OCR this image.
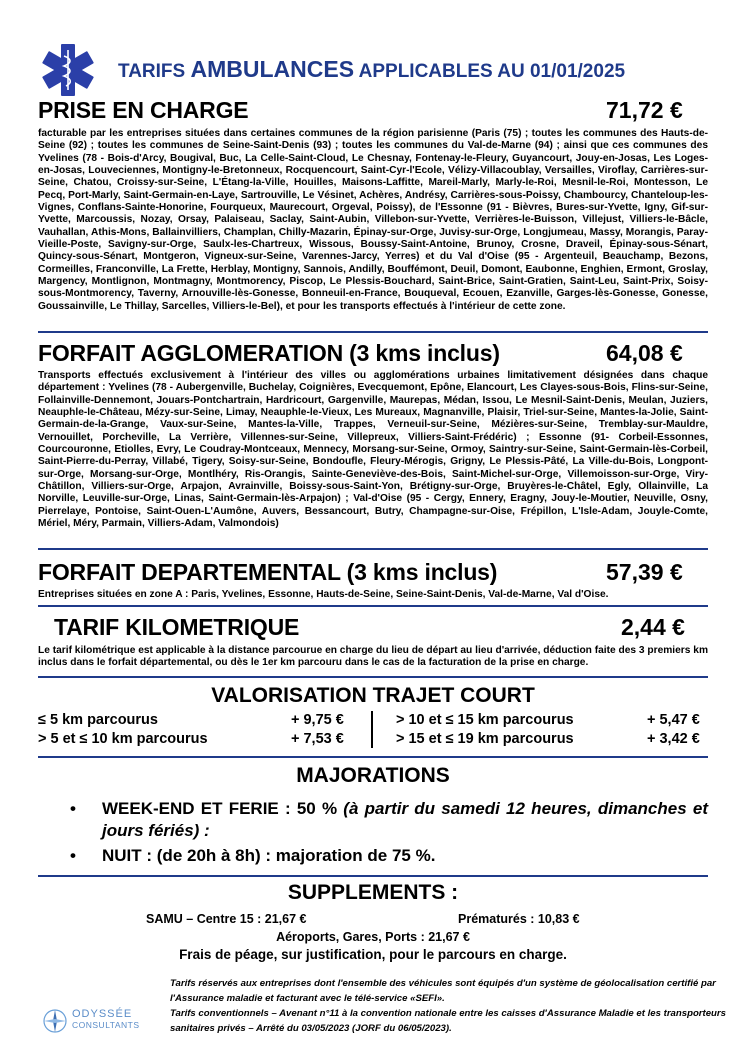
TARIFS AMBULANCES APPLICABLES AU 01/01/2025
PRISE EN CHARGE	71,72 €
facturable par les entreprises situées dans certaines communes de la région parisienne (Paris (75) ; toutes les communes des Hauts-de-Seine (92) ; toutes les communes de Seine-Saint-Denis (93) ; toutes les communes du Val-de-Marne (94) ; ainsi que ces communes des Yvelines (78 - Bois-d'Arcy, Bougival, Buc, La Celle-Saint-Cloud, Le Chesnay, Fontenay-le-Fleury, Guyancourt, Jouy-en-Josas, Les Loges-en-Josas, Louveciennes, Montigny-le-Bretonneux, Rocquencourt, Saint-Cyr-l'Ecole, Vélizy-Villacoublay, Versailles, Viroflay, Carrières-sur-Seine, Chatou, Croissy-sur-Seine, L'Étang-la-Ville, Houilles, Maisons-Laffitte, Mareil-Marly, Marly-le-Roi, Mesnil-le-Roi, Montesson, Le Pecq, Port-Marly, Saint-Germain-en-Laye, Sartrouville, Le Vésinet, Achères, Andrésy, Carrières-sous-Poissy, Chambourcy, Chanteloup-les-Vignes, Conflans-Sainte-Honorine, Fourqueux, Maurecourt, Orgeval, Poissy), de l'Essonne (91 - Bièvres, Bures-sur-Yvette, Igny, Gif-sur-Yvette, Marcoussis, Nozay, Orsay, Palaiseau, Saclay, Saint-Aubin, Villebon-sur-Yvette, Verrières-le-Buisson, Villejust, Villiers-le-Bâcle, Vauhallan, Athis-Mons, Ballainvilliers, Champlan, Chilly-Mazarin, Épinay-sur-Orge, Juvisy-sur-Orge, Longjumeau, Massy, Morangis, Paray-Vieille-Poste, Savigny-sur-Orge, Saulx-les-Chartreux, Wissous, Boussy-Saint-Antoine, Brunoy, Crosne, Draveil, Épinay-sous-Sénart, Quincy-sous-Sénart, Montgeron, Vigneux-sur-Seine, Varennes-Jarcy, Yerres) et du Val d'Oise (95 - Argenteuil, Beauchamp, Bezons, Cormeilles, Franconville, La Frette, Herblay, Montigny, Sannois, Andilly, Bouffémont, Deuil, Domont, Eaubonne, Enghien, Ermont, Groslay, Margency, Montlignon, Montmagny, Montmorency, Piscop, Le Plessis-Bouchard, Saint-Brice, Saint-Gratien, Saint-Leu, Saint-Prix, Soisy-sous-Montmorency, Taverny, Arnouville-lès-Gonesse, Bonneuil-en-France, Bouqueval, Ecouen, Ezanville, Garges-lès-Gonesse, Gonesse, Goussainville, Le Thillay, Sarcelles, Villiers-le-Bel), et pour les transports effectués à l'intérieur de cette zone.
FORFAIT AGGLOMERATION (3 kms inclus)	64,08 €
Transports effectués exclusivement à l'intérieur des villes ou agglomérations urbaines limitativement désignées dans chaque département : Yvelines (78 - Aubergenville, Buchelay, Coignières, Evecquemont, Epône, Elancourt, Les Clayes-sous-Bois, Flins-sur-Seine, Follainville-Dennemont, Jouars-Pontchartrain, Hardricourt, Gargenville, Maurepas, Médan, Issou, Le Mesnil-Saint-Denis, Meulan, Juziers, Neauphle-le-Château, Mézy-sur-Seine, Limay, Neauphle-le-Vieux, Les Mureaux, Magnanville, Plaisir, Triel-sur-Seine, Mantes-la-Jolie, Saint-Germain-de-la-Grange, Vaux-sur-Seine, Mantes-la-Ville, Trappes, Verneuil-sur-Seine, Mézières-sur-Seine, Tremblay-sur-Mauldre, Vernouillet, Porcheville, La Verrière, Villennes-sur-Seine, Villepreux, Villiers-Saint-Frédéric) ; Essonne (91- Corbeil-Essonnes, Courcouronne, Etiolles, Evry, Le Coudray-Montceaux, Mennecy, Morsang-sur-Seine, Ormoy, Saintry-sur-Seine, Saint-Germain-lès-Corbeil, Saint-Pierre-du-Perray, Villabé, Tigery, Soisy-sur-Seine, Bondoufle, Fleury-Mérogis, Grigny, Le Plessis-Pâté, La Ville-du-Bois, Longpont-sur-Orge, Morsang-sur-Orge, Montlhéry, Ris-Orangis, Sainte-Geneviève-des-Bois, Saint-Michel-sur-Orge, Villemoisson-sur-Orge, Viry-Châtillon, Villiers-sur-Orge, Arpajon, Avrainville, Boissy-sous-Saint-Yon, Brétigny-sur-Orge, Bruyères-le-Châtel, Egly, Ollainville, La Norville, Leuville-sur-Orge, Linas, Saint-Germain-lès-Arpajon) ; Val-d'Oise (95 - Cergy, Ennery, Eragny, Jouy-le-Moutier, Neuville, Osny, Pierrelaye, Pontoise, Saint-Ouen-L'Aumône, Auvers, Bessancourt, Butry, Champagne-sur-Oise, Frépillon, L'Isle-Adam, Jouyle-Comte, Mériel, Méry, Parmain, Villiers-Adam, Valmondois)
FORFAIT DEPARTEMENTAL (3 kms inclus)	57,39 €
Entreprises situées en zone A : Paris, Yvelines, Essonne, Hauts-de-Seine, Seine-Saint-Denis, Val-de-Marne, Val d'Oise.
TARIF KILOMETRIQUE	2,44 €
Le tarif kilométrique est applicable à la distance parcourue en charge du lieu de départ au lieu d'arrivée, déduction faite des 3 premiers km inclus dans le forfait départemental, ou dès le 1er km parcouru dans le cas de la facturation de la prise en charge.
VALORISATION TRAJET COURT
≤ 5 km parcourus	+ 9,75 €
> 5 et ≤ 10 km parcourus	+ 7,53 €
> 10 et ≤ 15 km parcourus	+ 5,47 €
> 15 et ≤ 19 km parcourus	+ 3,42 €
MAJORATIONS
• WEEK-END ET FERIE : 50 % (à partir du samedi 12 heures, dimanches et jours fériés) :
• NUIT : (de 20h à 8h) : majoration de 75 %.
SUPPLEMENTS :
SAMU – Centre 15 : 21,67 €	Prématurés : 10,83 €
Aéroports, Gares, Ports : 21,67 €
Frais de péage, sur justification, pour le parcours en charge.
Tarifs réservés aux entreprises dont l'ensemble des véhicules sont équipés d'un système de géolocalisation certifié par l'Assurance maladie et facturant avec le télé-service «SEFI».
Tarifs conventionnels – Avenant n°11 à la convention nationale entre les caisses d'Assurance Maladie et les transporteurs sanitaires privés – Arrêté du 03/05/2023 (JORF du 06/05/2023).
ODYSSÉE
CONSULTANTS
